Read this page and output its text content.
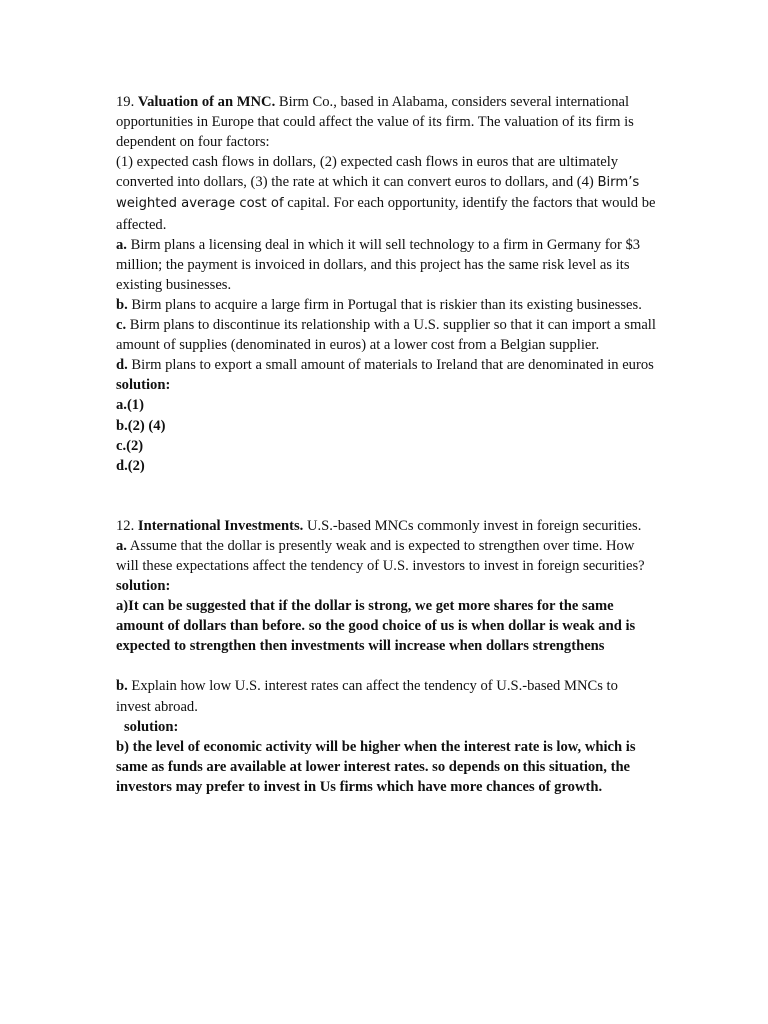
19. Valuation of an MNC. Birm Co., based in Alabama, considers several international opportunities in Europe that could affect the value of its firm. The valuation of its firm is dependent on four factors:

(1) expected cash flows in dollars, (2) expected cash flows in euros that are ultimately converted into dollars, (3) the rate at which it can convert euros to dollars, and (4) Birm’s weighted average cost of capital. For each opportunity, identify the factors that would be affected.

a. Birm plans a licensing deal in which it will sell technology to a firm in Germany for $3 million; the payment is invoiced in dollars, and this project has the same risk level as its existing businesses.

b. Birm plans to acquire a large firm in Portugal that is riskier than its existing businesses.

c. Birm plans to discontinue its relationship with a U.S. supplier so that it can import a small amount of supplies (denominated in euros) at a lower cost from a Belgian supplier.

d. Birm plans to export a small amount of materials to Ireland that are denominated in euros

solution:

a.(1)

b.(2) (4)

c.(2)

d.(2)

12. International Investments. U.S.-based MNCs commonly invest in foreign securities.

a. Assume that the dollar is presently weak and is expected to strengthen over time. How will these expectations affect the tendency of U.S. investors to invest in foreign securities?

solution:

a)It can be suggested that if the dollar is strong, we get more shares for the same amount of dollars than before. so the good choice of us is when dollar is weak and is expected to strengthen then investments will increase when dollars strengthens

b. Explain how low U.S. interest rates can affect the tendency of U.S.-based MNCs to invest abroad.

solution:

b) the level of economic activity will be higher when the interest rate is low, which is same as funds are available at lower interest rates. so depends on this situation, the investors may prefer to invest in Us firms which have more chances of growth.
